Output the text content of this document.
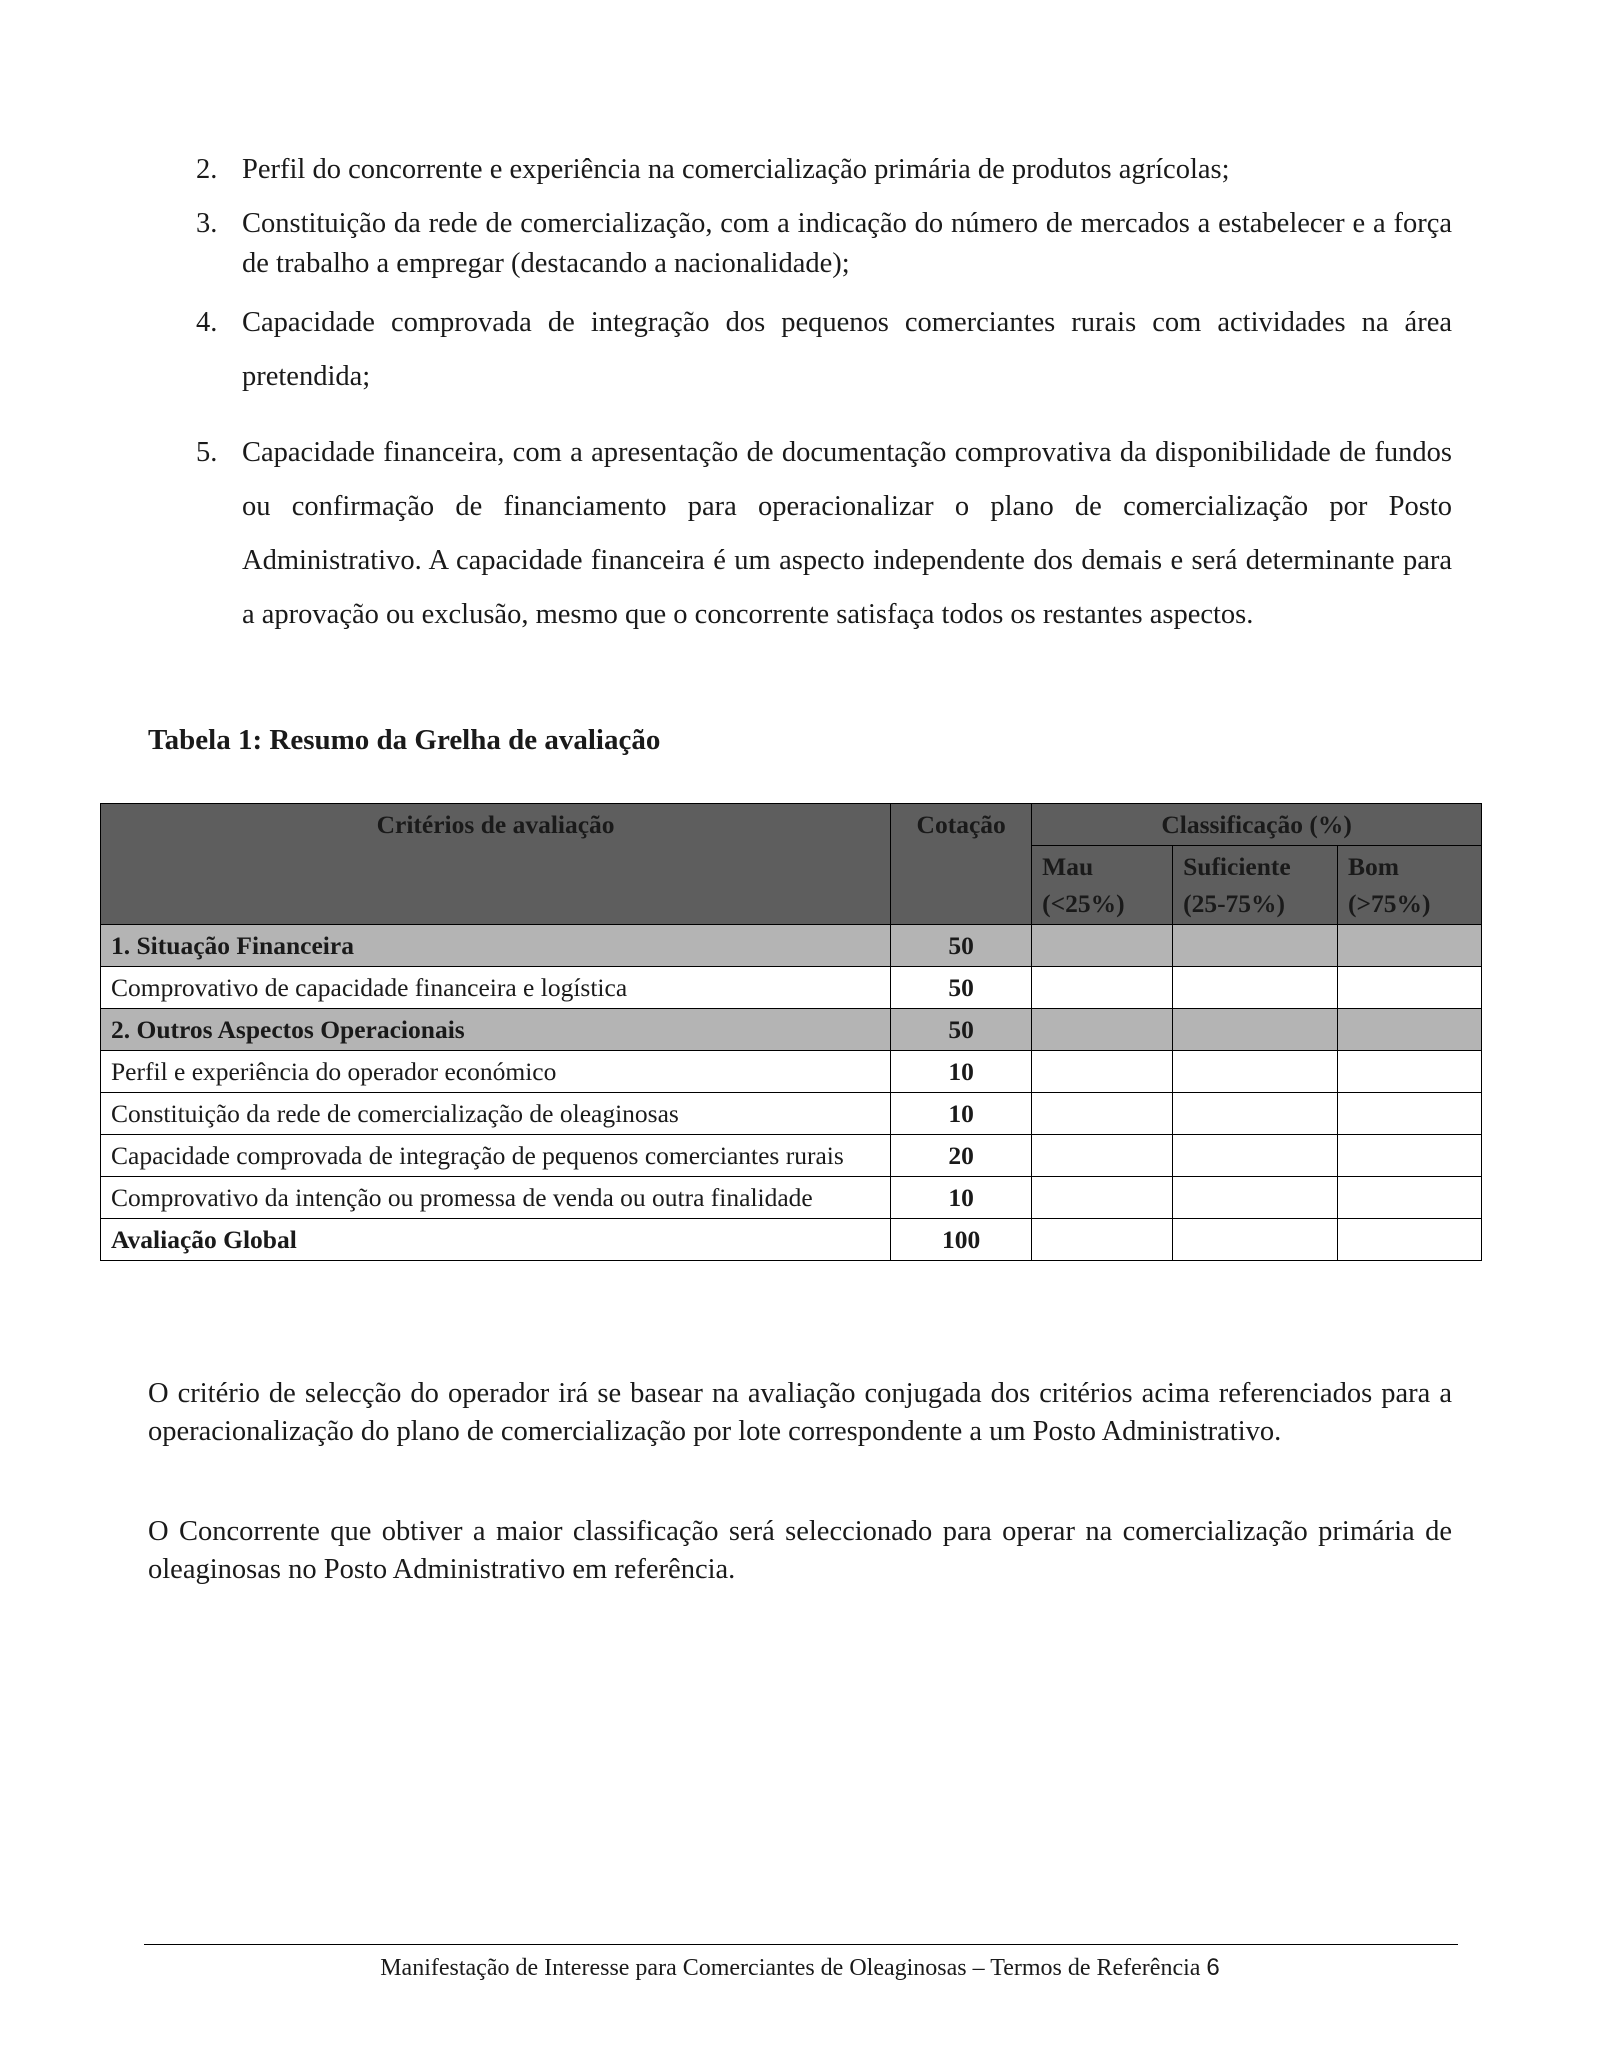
2. Perfil do concorrente e experiência na comercialização primária de produtos agrícolas;
3. Constituição da rede de comercialização, com a indicação do número de mercados a estabelecer e a força de trabalho a empregar (destacando a nacionalidade);
4. Capacidade comprovada de integração dos pequenos comerciantes rurais com actividades na área pretendida;
5. Capacidade financeira, com a apresentação de documentação comprovativa da disponibilidade de fundos ou confirmação de financiamento para operacionalizar o plano de comercialização por Posto Administrativo. A capacidade financeira é um aspecto independente dos demais e será determinante para a aprovação ou exclusão, mesmo que o concorrente satisfaça todos os restantes aspectos.
Tabela 1: Resumo da Grelha de avaliação
Critérios de avaliação	Cotação	Classificação (%)		
		Mau (<25%)	Suficiente (25-75%)	Bom (>75%)
1. Situação Financeira	50			
Comprovativo de capacidade financeira e logística	50			
2. Outros Aspectos Operacionais	50			
Perfil e experiência do operador económico	10			
Constituição da rede de comercialização de oleaginosas	10			
Capacidade comprovada de integração de pequenos comerciantes rurais	20			
Comprovativo da intenção ou promessa de venda ou outra finalidade	10			
Avaliação Global	100			

O critério de selecção do operador irá se basear na avaliação conjugada dos critérios acima referenciados para a operacionalização do plano de comercialização por lote correspondente a um Posto Administrativo.

O Concorrente que obtiver a maior classificação será seleccionado para operar na comercialização primária de oleaginosas no Posto Administrativo em referência.

Manifestação de Interesse para Comerciantes de Oleaginosas – Termos de Referência 6
